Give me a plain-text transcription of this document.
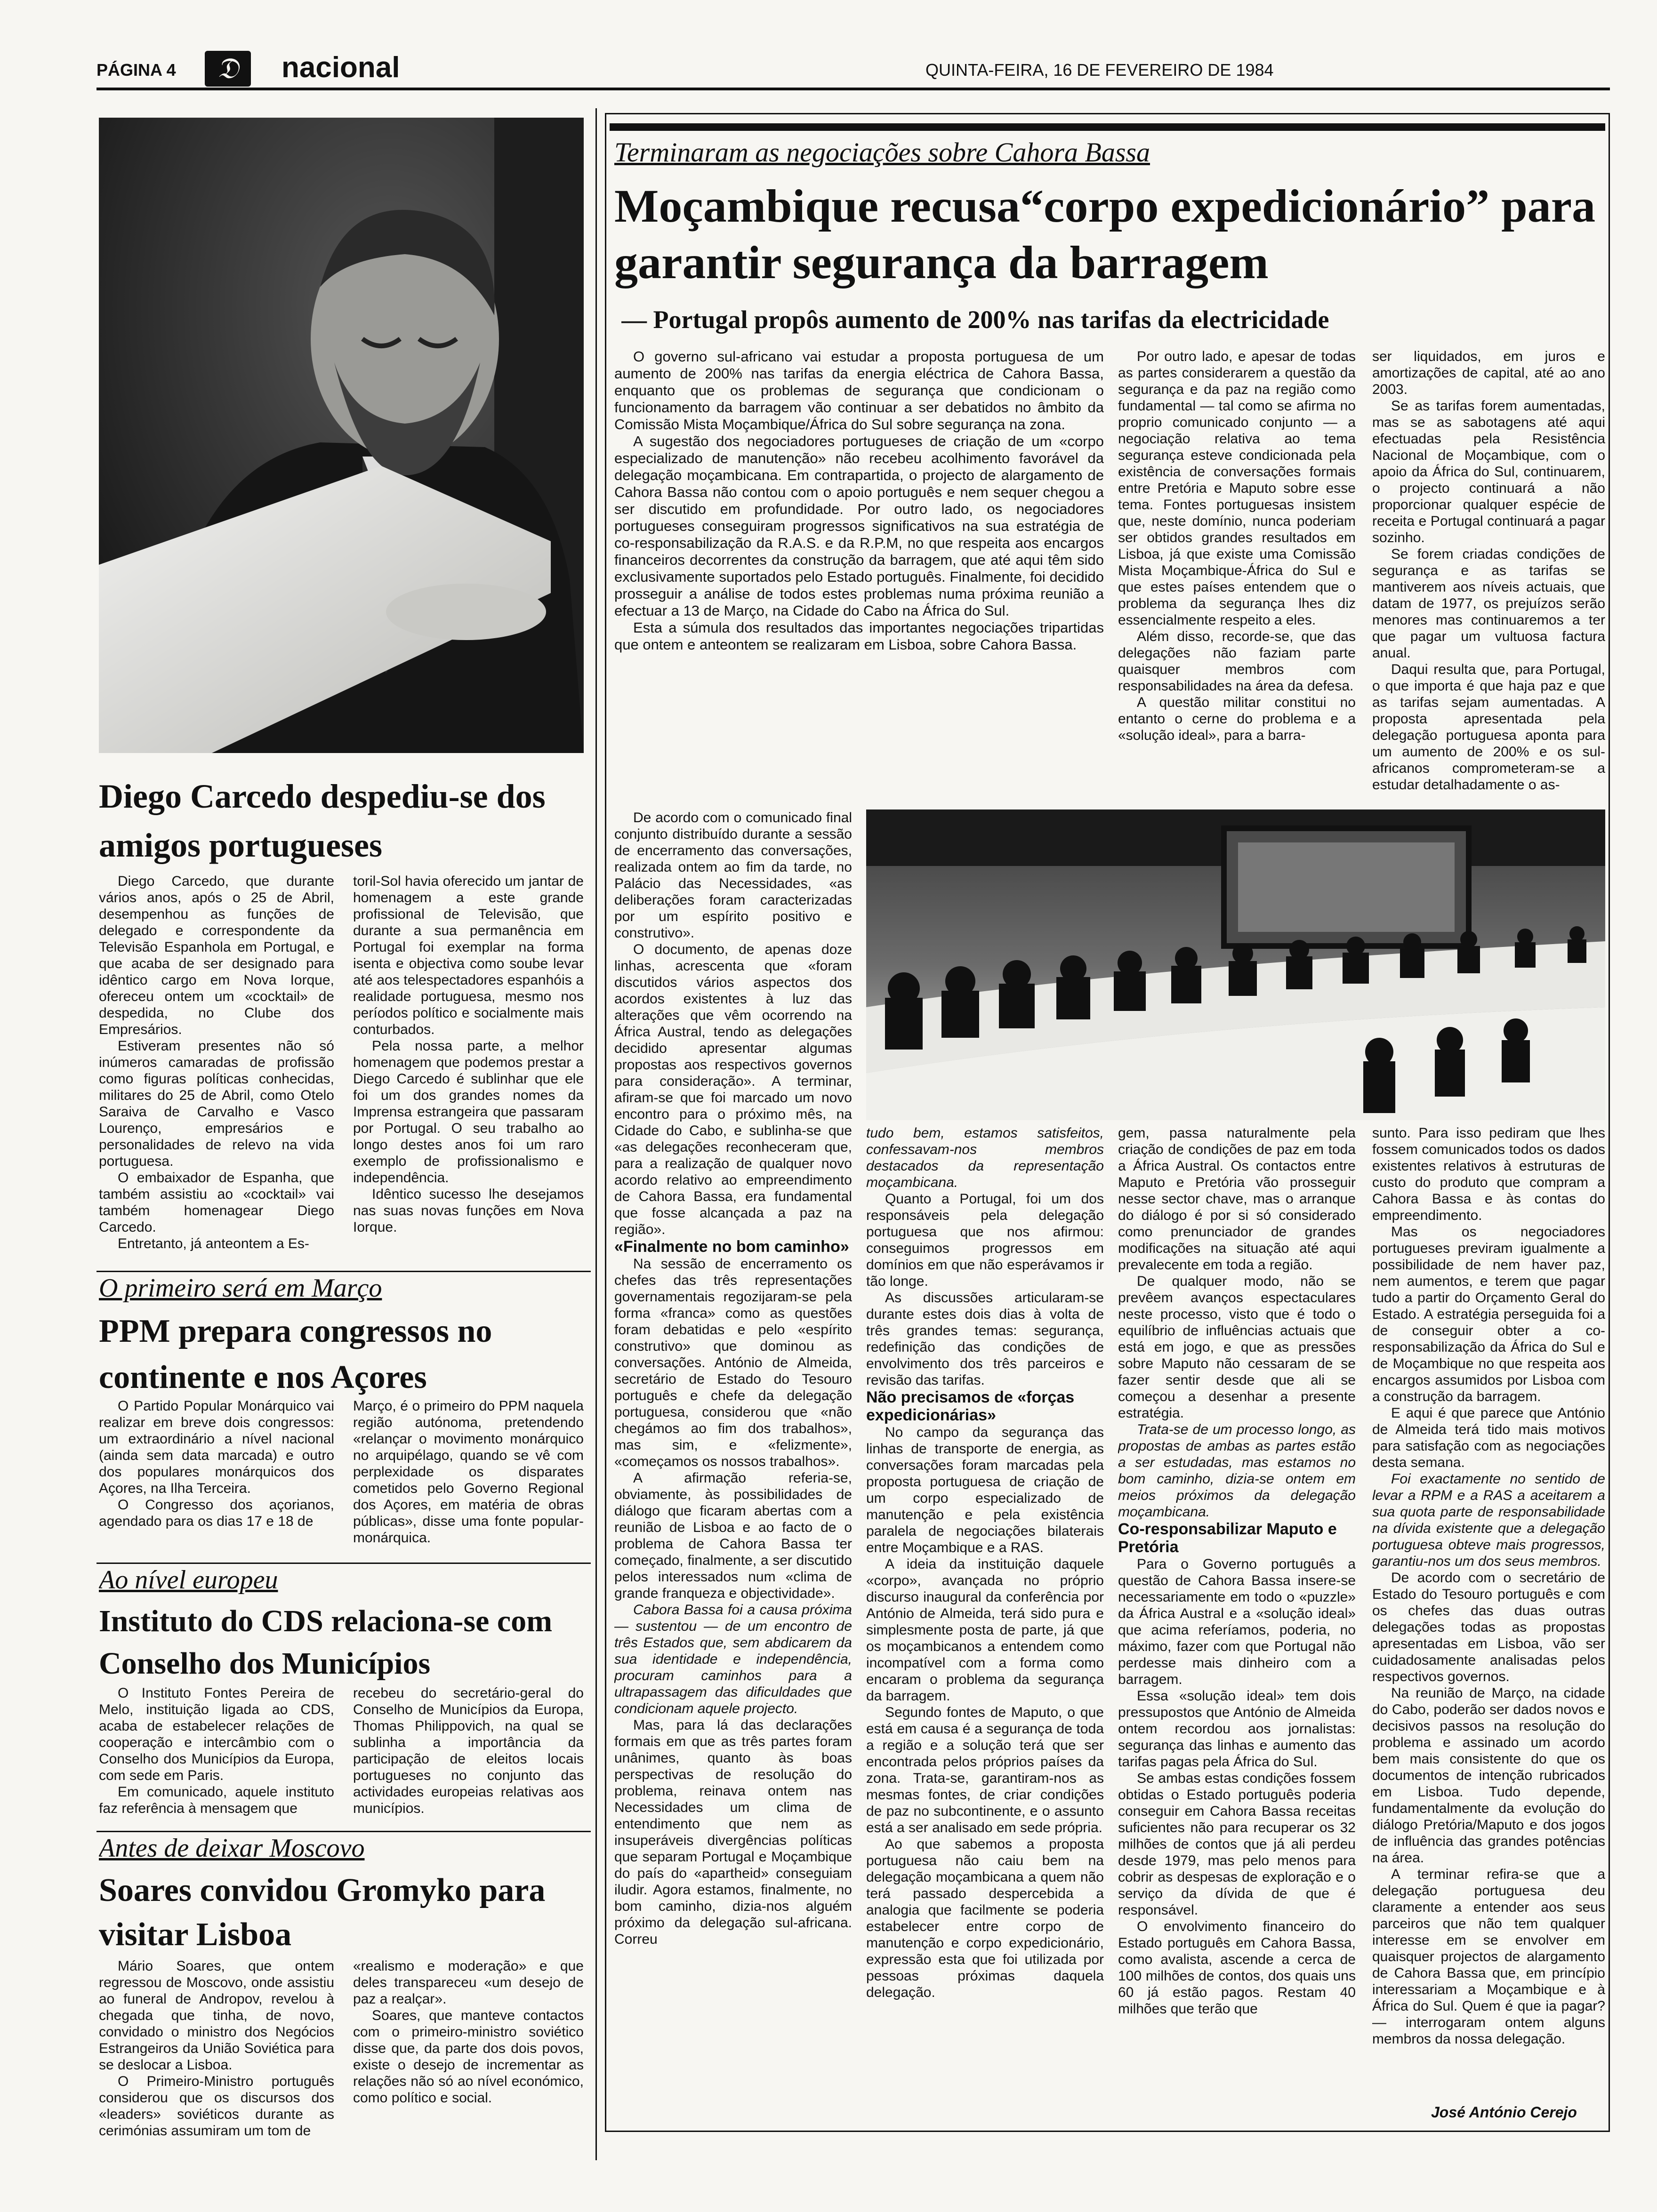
PÁGINA 4	𝔇	nacional	QUINTA-FEIRA, 16 DE FEVEREIRO DE 1984
Diego Carcedo despediu-se dos amigos portugueses

Diego Carcedo, que durante vários anos, após o 25 de Abril, desempenhou as funções de delegado e correspondente da Televisão Espanhola em Portugal, e que acaba de ser designado para idêntico cargo em Nova Iorque, ofereceu ontem um «cocktail» de despedida, no Clube dos Empresários.

Estiveram presentes não só inúmeros camaradas de profissão como figuras políticas conhecidas, militares do 25 de Abril, como Otelo Saraiva de Carvalho e Vasco Lourenço, empresários e personalidades de relevo na vida portuguesa.

O embaixador de Espanha, que também assistiu ao «cocktail» vai também homenagear Diego Carcedo.

Entretanto, já anteontem a Es-

toril-Sol havia oferecido um jantar de homenagem a este grande profissional de Televisão, que durante a sua permanência em Portugal foi exemplar na forma isenta e objectiva como soube levar até aos telespectadores espanhóis a realidade portuguesa, mesmo nos períodos político e socialmente mais conturbados.

Pela nossa parte, a melhor homenagem que podemos prestar a Diego Carcedo é sublinhar que ele foi um dos grandes nomes da Imprensa estrangeira que passaram por Portugal. O seu trabalho ao longo destes anos foi um raro exemplo de profissionalismo e independência.

Idêntico sucesso lhe desejamos nas suas novas funções em Nova Iorque.

O primeiro será em Março
PPM prepara congressos no continente e nos Açores

O Partido Popular Monárquico vai realizar em breve dois congressos: um extraordinário a nível nacional (ainda sem data marcada) e outro dos populares monárquicos dos Açores, na Ilha Terceira.

O Congresso dos açorianos, agendado para os dias 17 e 18 de

Março, é o primeiro do PPM naquela região autónoma, pretendendo «relançar o movimento monárquico no arquipélago, quando se vê com perplexidade os disparates cometidos pelo Governo Regional dos Açores, em matéria de obras públicas», disse uma fonte popular-monárquica.

Ao nível europeu
Instituto do CDS relaciona-se com Conselho dos Municípios

O Instituto Fontes Pereira de Melo, instituição ligada ao CDS, acaba de estabelecer relações de cooperação e intercâmbio com o Conselho dos Municípios da Europa, com sede em Paris.

Em comunicado, aquele instituto faz referência à mensagem que

recebeu do secretário-geral do Conselho de Municípios da Europa, Thomas Philippovich, na qual se sublinha a importância da participação de eleitos locais portugueses no conjunto das actividades europeias relativas aos municípios.

Antes de deixar Moscovo
Soares convidou Gromyko para visitar Lisboa

Mário Soares, que ontem regressou de Moscovo, onde assistiu ao funeral de Andropov, revelou à chegada que tinha, de novo, convidado o ministro dos Negócios Estrangeiros da União Soviética para se deslocar a Lisboa.

O Primeiro-Ministro português considerou que os discursos dos «leaders» soviéticos durante as cerimónias assumiram um tom de

«realismo e moderação» e que deles transpareceu «um desejo de paz a realçar».

Soares, que manteve contactos com o primeiro-ministro soviético disse que, da parte dos dois povos, existe o desejo de incrementar as relações não só ao nível económico, como político e social.

Terminaram as negociações sobre Cahora Bassa
Moçambique recusa“corpo expedicionário” para garantir segurança da barragem
— Portugal propôs aumento de 200% nas tarifas da electricidade

O governo sul-africano vai estudar a proposta portuguesa de um aumento de 200% nas tarifas da energia eléctrica de Cahora Bassa, enquanto que os problemas de segurança que condicionam o funcionamento da barragem vão continuar a ser debatidos no âmbito da Comissão Mista Moçambique/África do Sul sobre segurança na zona.

A sugestão dos negociadores portugueses de criação de um «corpo especializado de manutenção» não recebeu acolhimento favorável da delegação moçambicana. Em contrapartida, o projecto de alargamento de Cahora Bassa não contou com o apoio português e nem sequer chegou a ser discutido em profundidade. Por outro lado, os negociadores portugueses conseguiram progressos significativos na sua estratégia de co-responsabilização da R.A.S. e da R.P.M, no que respeita aos encargos financeiros decorrentes da construção da barragem, que até aqui têm sido exclusivamente suportados pelo Estado português. Finalmente, foi decidido prosseguir a análise de todos estes problemas numa próxima reunião a efectuar a 13 de Março, na Cidade do Cabo na África do Sul.

Esta a súmula dos resultados das importantes negociações tripartidas que ontem e anteontem se realizaram em Lisboa, sobre Cahora Bassa.

Por outro lado, e apesar de todas as partes considerarem a questão da segurança e da paz na região como fundamental — tal como se afirma no proprio comunicado conjunto — a negociação relativa ao tema segurança esteve condicionada pela existência de conversações formais entre Pretória e Maputo sobre esse tema. Fontes portuguesas insistem que, neste domínio, nunca poderiam ser obtidos grandes resultados em Lisboa, já que existe uma Comissão Mista Moçambique-África do Sul e que estes países entendem que o problema da segurança lhes diz essencialmente respeito a eles.

Além disso, recorde-se, que das delegações não faziam parte quaisquer membros com responsabilidades na área da defesa.

A questão militar constitui no entanto o cerne do problema e a «solução ideal», para a barra-

ser liquidados, em juros e amortizações de capital, até ao ano 2003.

Se as tarifas forem aumentadas, mas se as sabotagens até aqui efectuadas pela Resistência Nacional de Moçambique, com o apoio da África do Sul, continuarem, o projecto continuará a não proporcionar qualquer espécie de receita e Portugal continuará a pagar sozinho.

Se forem criadas condições de segurança e as tarifas se mantiverem aos níveis actuais, que datam de 1977, os prejuízos serão menores mas continuaremos a ter que pagar um vultuosa factura anual.

Daqui resulta que, para Portugal, o que importa é que haja paz e que as tarifas sejam aumentadas. A proposta apresentada pela delegação portuguesa aponta para um aumento de 200% e os sul-africanos comprometeram-se a estudar detalhadamente o as-

De acordo com o comunicado final conjunto distribuído durante a sessão de encerramento das conversações, realizada ontem ao fim da tarde, no Palácio das Necessidades, «as deliberações foram caracterizadas por um espírito positivo e construtivo».

O documento, de apenas doze linhas, acrescenta que «foram discutidos vários aspectos dos acordos existentes à luz das alterações que vêm ocorrendo na África Austral, tendo as delegações decidido apresentar algumas propostas aos respectivos governos para consideração». A terminar, afiram-se que foi marcado um novo encontro para o próximo mês, na Cidade do Cabo, e sublinha-se que «as delegações reconheceram que, para a realização de qualquer novo acordo relativo ao empreendimento de Cahora Bassa, era fundamental que fosse alcançada a paz na região».

«Finalmente no bom caminho»

Na sessão de encerramento os chefes das três representações governamentais regozijaram-se pela forma «franca» como as questões foram debatidas e pelo «espírito construtivo» que dominou as conversações. António de Almeida, secretário de Estado do Tesouro português e chefe da delegação portuguesa, considerou que «não chegámos ao fim dos trabalhos», mas sim, e «felizmente», «começamos os nossos trabalhos».

A afirmação referia-se, obviamente, às possibilidades de diálogo que ficaram abertas com a reunião de Lisboa e ao facto de o problema de Cahora Bassa ter começado, finalmente, a ser discutido pelos interessados num «clima de grande franqueza e objectividade».

Cabora Bassa foi a causa próxima — sustentou — de um encontro de três Estados que, sem abdicarem da sua identidade e independência, procuram caminhos para a ultrapassagem das dificuldades que condicionam aquele projecto.

Mas, para lá das declarações formais em que as três partes foram unânimes, quanto às boas perspectivas de resolução do problema, reinava ontem nas Necessidades um clima de entendimento que nem as insuperáveis divergências políticas que separam Portugal e Moçambique do país do «apartheid» conseguiam iludir. Agora estamos, finalmente, no bom caminho, dizia-nos alguém próximo da delegação sul-africana. Correu

tudo bem, estamos satisfeitos, confessavam-nos membros destacados da representação moçambicana.

Quanto a Portugal, foi um dos responsáveis pela delegação portuguesa que nos afirmou: conseguimos progressos em domínios em que não esperávamos ir tão longe.

As discussões articularam-se durante estes dois dias à volta de três grandes temas: segurança, redefinição das condições de envolvimento dos três parceiros e revisão das tarifas.

Não precisamos de «forças expedicionárias»

No campo da segurança das linhas de transporte de energia, as conversações foram marcadas pela proposta portuguesa de criação de um corpo especializado de manutenção e pela existência paralela de negociações bilaterais entre Moçambique e a RAS.

A ideia da instituição daquele «corpo», avançada no próprio discurso inaugural da conferência por António de Almeida, terá sido pura e simplesmente posta de parte, já que os moçambicanos a entendem como incompatível com a forma como encaram o problema da segurança da barragem.

Segundo fontes de Maputo, o que está em causa é a segurança de toda a região e a solução terá que ser encontrada pelos próprios países da zona. Trata-se, garantiram-nos as mesmas fontes, de criar condições de paz no subcontinente, e o assunto está a ser analisado em sede própria.

Ao que sabemos a proposta portuguesa não caiu bem na delegação moçambicana a quem não terá passado despercebida a analogia que facilmente se poderia estabelecer entre corpo de manutenção e corpo expedicionário, expressão esta que foi utilizada por pessoas próximas daquela delegação.

gem, passa naturalmente pela criação de condições de paz em toda a África Austral. Os contactos entre Maputo e Pretória vão prosseguir nesse sector chave, mas o arranque do diálogo é por si só considerado como prenunciador de grandes modificações na situação até aqui prevalecente em toda a região.

De qualquer modo, não se prevêem avanços espectaculares neste processo, visto que é todo o equilíbrio de influências actuais que está em jogo, e que as pressões sobre Maputo não cessaram de se fazer sentir desde que ali se começou a desenhar a presente estratégia.

Trata-se de um processo longo, as propostas de ambas as partes estão a ser estudadas, mas estamos no bom caminho, dizia-se ontem em meios próximos da delegação moçambicana.

Co-responsabilizar Maputo e Pretória

Para o Governo português a questão de Cahora Bassa insere-se necessariamente em todo o «puzzle» da África Austral e a «solução ideal» que acima referíamos, poderia, no máximo, fazer com que Portugal não perdesse mais dinheiro com a barragem.

Essa «solução ideal» tem dois pressupostos que António de Almeida ontem recordou aos jornalistas: segurança das linhas e aumento das tarifas pagas pela África do Sul.

Se ambas estas condições fossem obtidas o Estado português poderia conseguir em Cahora Bassa receitas suficientes não para recuperar os 32 milhões de contos que já ali perdeu desde 1979, mas pelo menos para cobrir as despesas de exploração e o serviço da dívida de que é responsável.

O envolvimento financeiro do Estado português em Cahora Bassa, como avalista, ascende a cerca de 100 milhões de contos, dos quais uns 60 já estão pagos. Restam 40 milhões que terão que

sunto. Para isso pediram que lhes fossem comunicados todos os dados existentes relativos à estruturas de custo do produto que compram a Cahora Bassa e às contas do empreendimento.

Mas os negociadores portugueses previram igualmente a possibilidade de nem haver paz, nem aumentos, e terem que pagar tudo a partir do Orçamento Geral do Estado. A estratégia perseguida foi a de conseguir obter a co-responsabilização da África do Sul e de Moçambique no que respeita aos encargos assumidos por Lisboa com a construção da barragem.

E aqui é que parece que António de Almeida terá tido mais motivos para satisfação com as negociações desta semana.

Foi exactamente no sentido de levar a RPM e a RAS a aceitarem a sua quota parte de responsabilidade na dívida existente que a delegação portuguesa obteve mais progressos, garantiu-nos um dos seus membros.

De acordo com o secretário de Estado do Tesouro português e com os chefes das duas outras delegações todas as propostas apresentadas em Lisboa, vão ser cuidadosamente analisadas pelos respectivos governos.

Na reunião de Março, na cidade do Cabo, poderão ser dados novos e decisivos passos na resolução do problema e assinado um acordo bem mais consistente do que os documentos de intenção rubricados em Lisboa. Tudo depende, fundamentalmente da evolução do diálogo Pretória/Maputo e dos jogos de influência das grandes potências na área.

A terminar refira-se que a delegação portuguesa deu claramente a entender aos seus parceiros que não tem qualquer interesse em se envolver em quaisquer projectos de alargamento de Cahora Bassa que, em princípio interessariam a Moçambique e à África do Sul. Quem é que ia pagar? — interrogaram ontem alguns membros da nossa delegação.

José António Cerejo
